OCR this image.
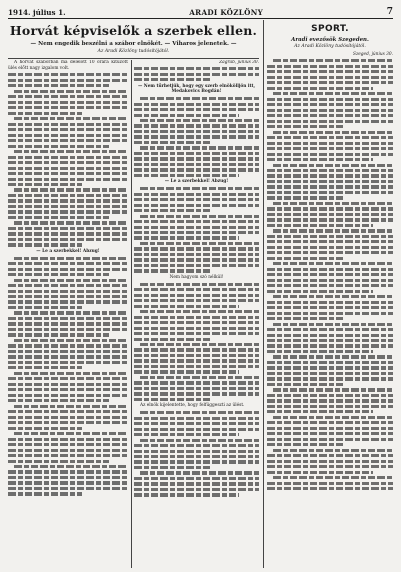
1914. július 1.	ARADI KÖZLÖNY	7
Horvát képviselők a szerbek ellen.
— Nem engedik beszélni a szábor elnökét. — Viharos jelenetek. —
Az Aradi Közlöny tudósítójától.

A horvát száborban ma délelőtt 10 órára kitűzött ülés előtt nagy izgalom volt.

— Le a szerbekkel! Abzug!

Zágráb, június 30.

— Nem tűrhetjük, hogy egy szerb elnökölljön itt, Medakovics Bogdán!

— Le a szerbekkel! Abzug!

Nem hagyom szó nélkül!

Az elnök kijelentette, hogy felfüggeszti az ülést.

SPORT.
Aradi evezősök Szegeden.
Az Aradi Közlöny tudósítójától.
Szeged, június 30.
